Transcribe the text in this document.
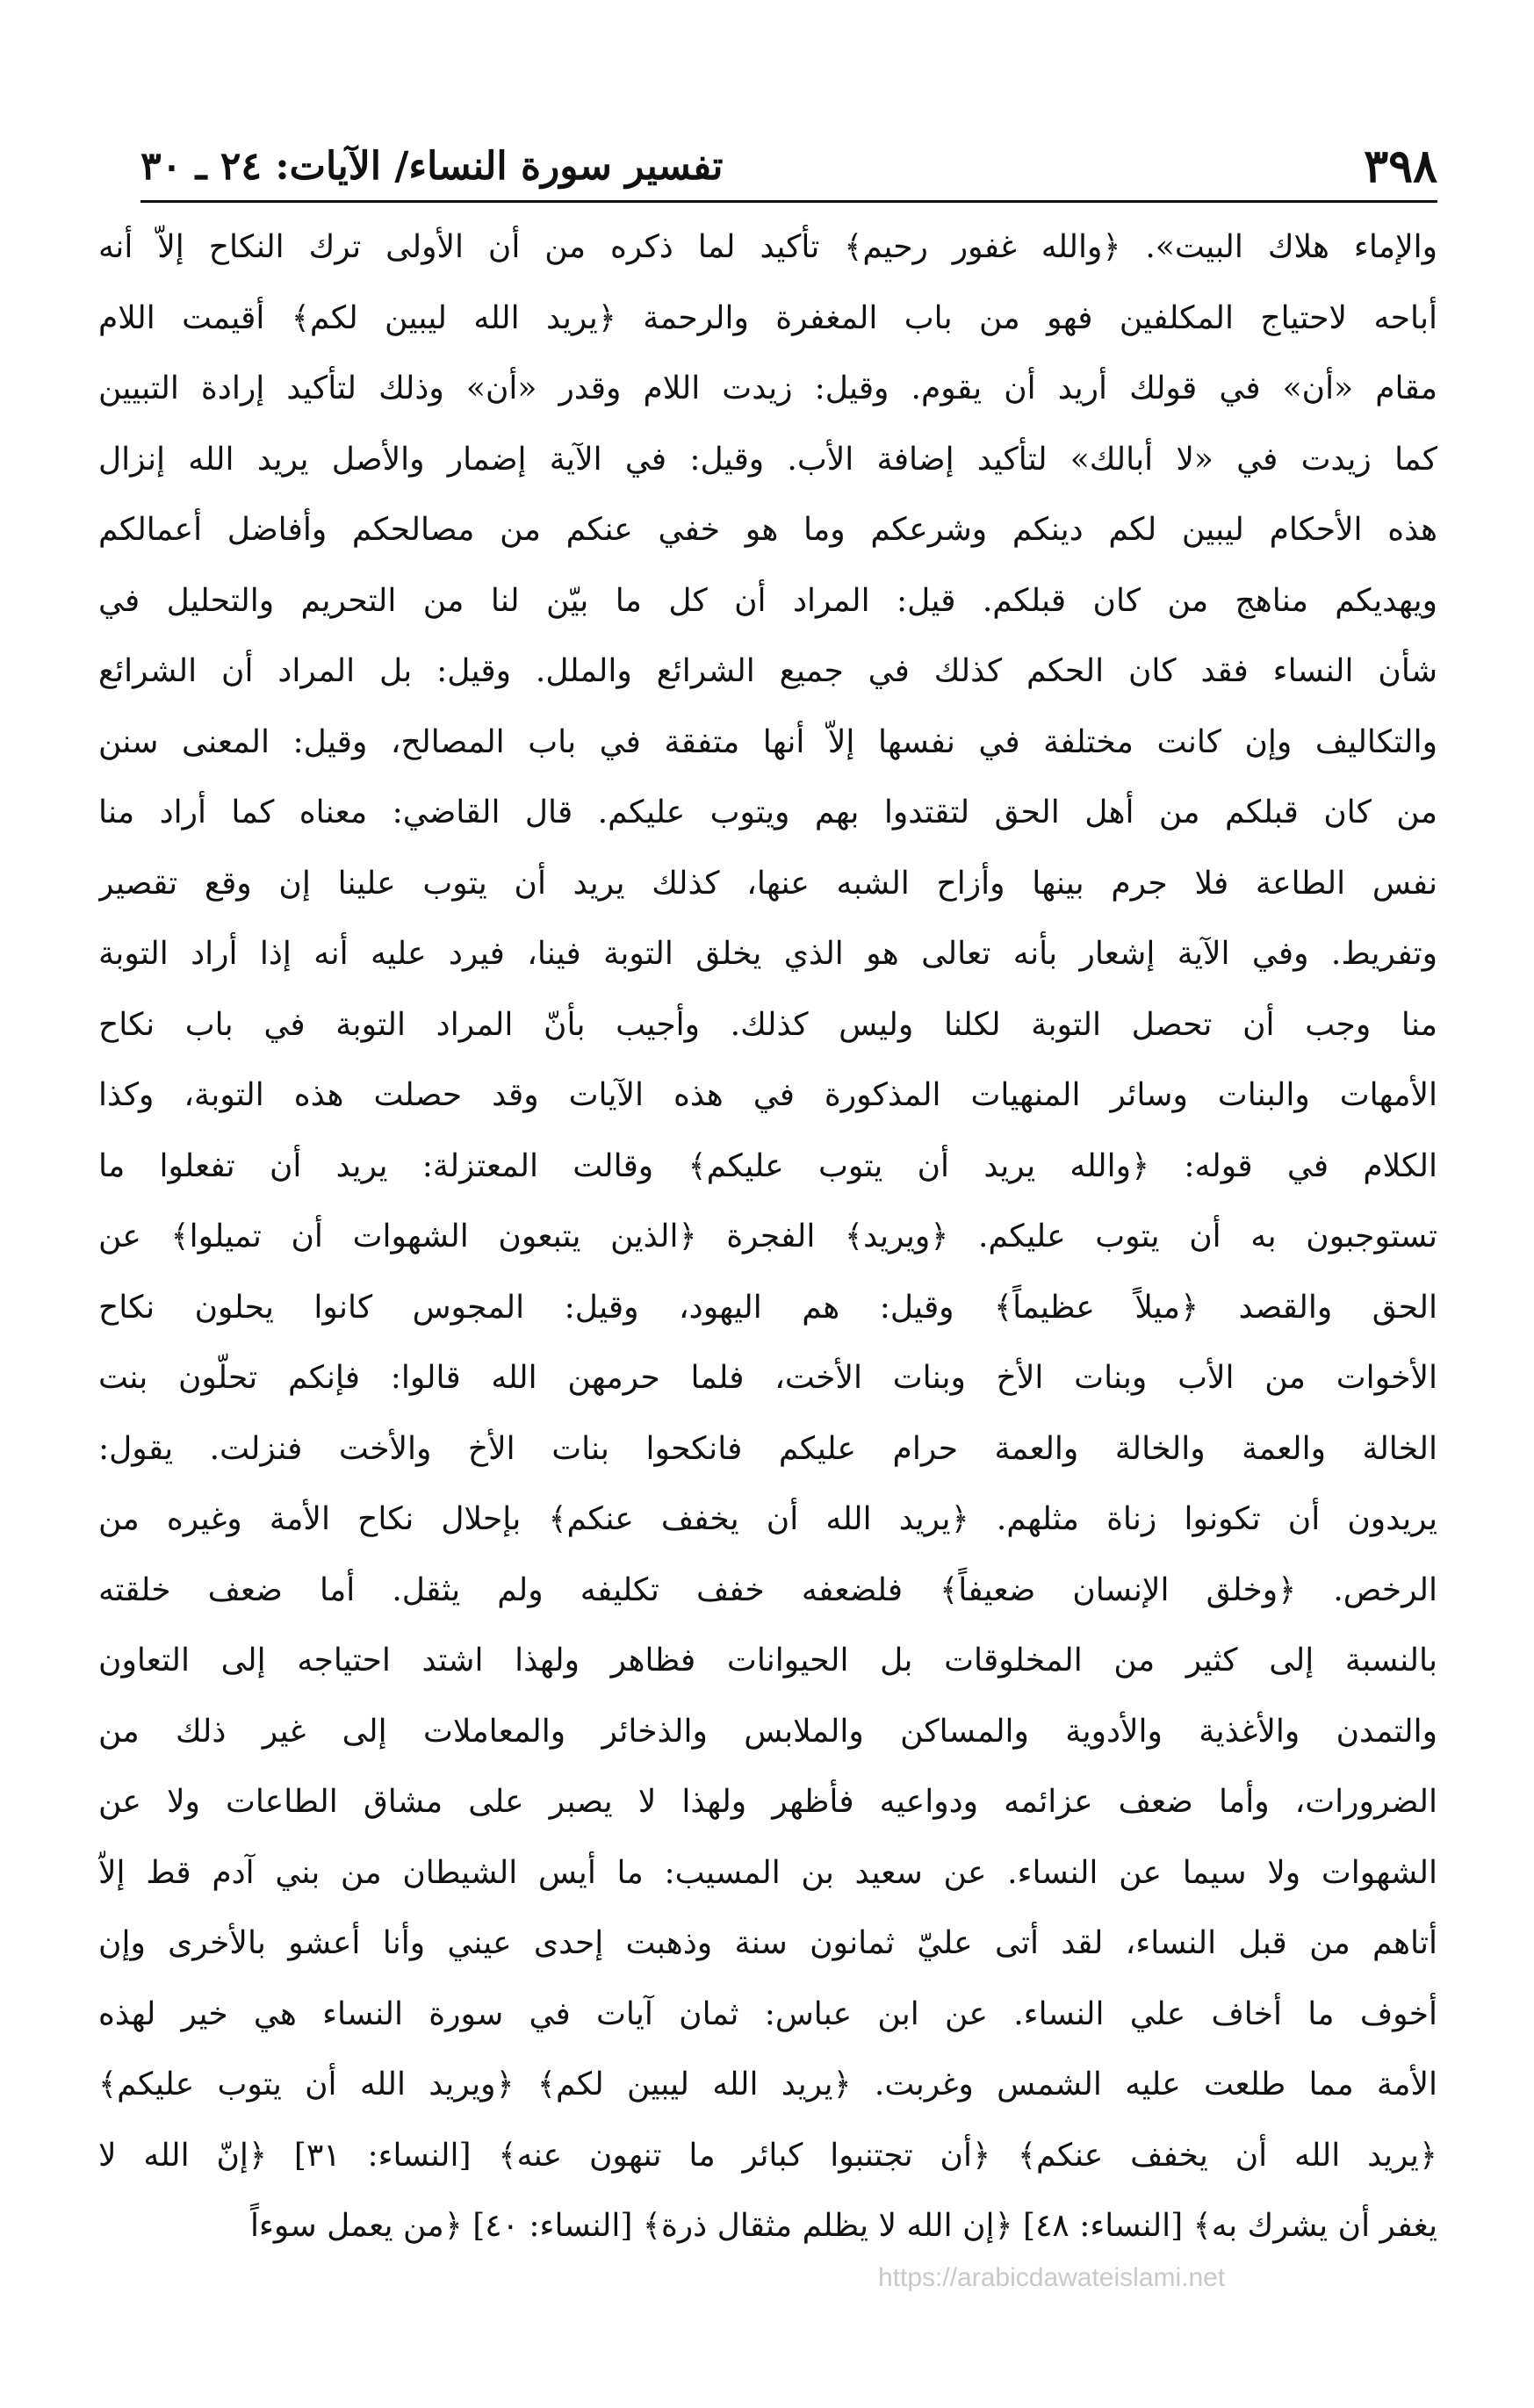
٣٩٨
تفسير سورة النساء/ الآيات: ٢٤ ـ ٣٠
والإماء هلاك البيت». ﴿والله غفور رحيم﴾ تأكيد لما ذكره من أن الأولى ترك النكاح إلاّ أنه
أباحه لاحتياج المكلفين فهو من باب المغفرة والرحمة ﴿يريد الله ليبين لكم﴾ أقيمت اللام
مقام «أن» في قولك أريد أن يقوم. وقيل: زيدت اللام وقدر «أن» وذلك لتأكيد إرادة التبيين
كما زيدت في «لا أبالك» لتأكيد إضافة الأب. وقيل: في الآية إضمار والأصل يريد الله إنزال
هذه الأحكام ليبين لكم دينكم وشرعكم وما هو خفي عنكم من مصالحكم وأفاضل أعمالكم
ويهديكم مناهج من كان قبلكم. قيل: المراد أن كل ما بيّن لنا من التحريم والتحليل في
شأن النساء فقد كان الحكم كذلك في جميع الشرائع والملل. وقيل: بل المراد أن الشرائع
والتكاليف وإن كانت مختلفة في نفسها إلاّ أنها متفقة في باب المصالح، وقيل: المعنى سنن
من كان قبلكم من أهل الحق لتقتدوا بهم ويتوب عليكم. قال القاضي: معناه كما أراد منا
نفس الطاعة فلا جرم بينها وأزاح الشبه عنها، كذلك يريد أن يتوب علينا إن وقع تقصير
وتفريط. وفي الآية إشعار بأنه تعالى هو الذي يخلق التوبة فينا، فيرد عليه أنه إذا أراد التوبة
منا وجب أن تحصل التوبة لكلنا وليس كذلك. وأجيب بأنّ المراد التوبة في باب نكاح
الأمهات والبنات وسائر المنهيات المذكورة في هذه الآيات وقد حصلت هذه التوبة، وكذا
الكلام في قوله: ﴿والله يريد أن يتوب عليكم﴾ وقالت المعتزلة: يريد أن تفعلوا ما
تستوجبون به أن يتوب عليكم. ﴿ويريد﴾ الفجرة ﴿الذين يتبعون الشهوات أن تميلوا﴾ عن
الحق والقصد ﴿ميلاً عظيماً﴾ وقيل: هم اليهود، وقيل: المجوس كانوا يحلون نكاح
الأخوات من الأب وبنات الأخ وبنات الأخت، فلما حرمهن الله قالوا: فإنكم تحلّون بنت
الخالة والعمة والخالة والعمة حرام عليكم فانكحوا بنات الأخ والأخت فنزلت. يقول:
يريدون أن تكونوا زناة مثلهم. ﴿يريد الله أن يخفف عنكم﴾ بإحلال نكاح الأمة وغيره من
الرخص. ﴿وخلق الإنسان ضعيفاً﴾ فلضعفه خفف تكليفه ولم يثقل. أما ضعف خلقته
بالنسبة إلى كثير من المخلوقات بل الحيوانات فظاهر ولهذا اشتد احتياجه إلى التعاون
والتمدن والأغذية والأدوية والمساكن والملابس والذخائر والمعاملات إلى غير ذلك من
الضرورات، وأما ضعف عزائمه ودواعيه فأظهر ولهذا لا يصبر على مشاق الطاعات ولا عن
الشهوات ولا سيما عن النساء. عن سعيد بن المسيب: ما أيس الشيطان من بني آدم قط إلاّ
أتاهم من قبل النساء، لقد أتى عليّ ثمانون سنة وذهبت إحدى عيني وأنا أعشو بالأخرى وإن
أخوف ما أخاف علي النساء. عن ابن عباس: ثمان آيات في سورة النساء هي خير لهذه
الأمة مما طلعت عليه الشمس وغربت. ﴿يريد الله ليبين لكم﴾ ﴿ويريد الله أن يتوب عليكم﴾
﴿يريد الله أن يخفف عنكم﴾ ﴿أن تجتنبوا كبائر ما تنهون عنه﴾ [النساء: ٣١] ﴿إنّ الله لا
يغفر أن يشرك به﴾ [النساء: ٤٨] ﴿إن الله لا يظلم مثقال ذرة﴾ [النساء: ٤٠] ﴿من يعمل سوءاً
https://arabicdawateislami.net
